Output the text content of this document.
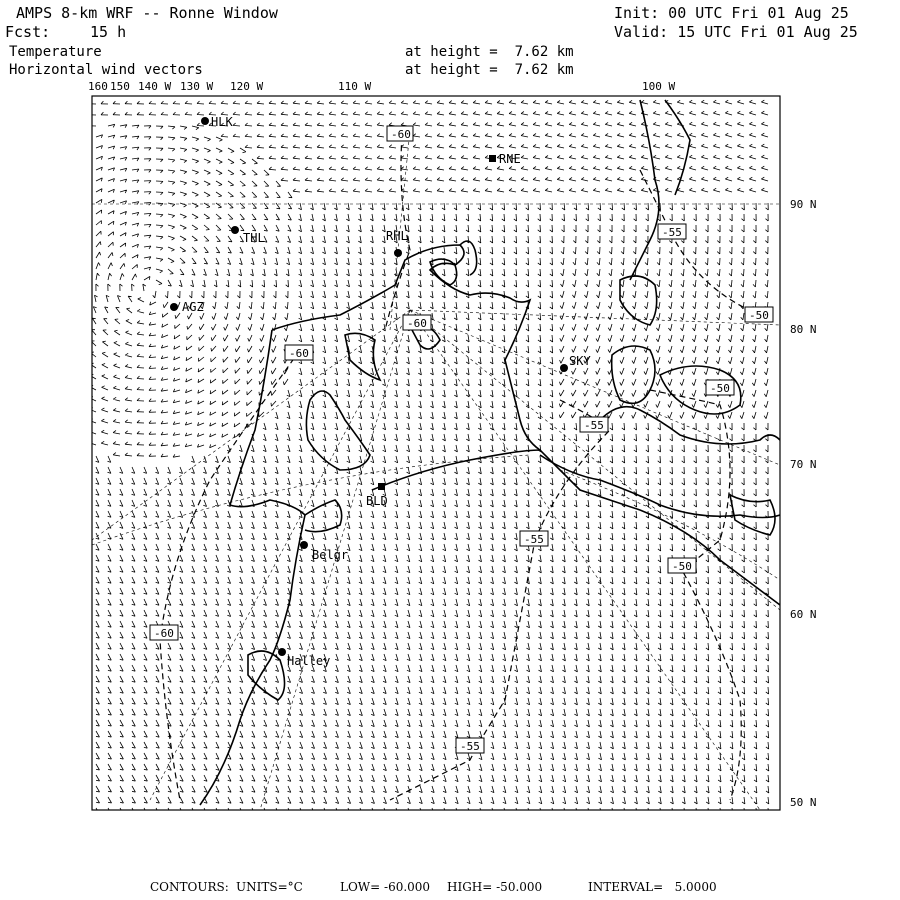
AMPS 8-km WRF -- Ronne Window	Init: 00 UTC Fri 01 Aug 25
Fcst:	15 h	Valid: 15 UTC Fri 01 Aug 25
Temperature
Horizontal wind vectors
at height =  7.62 km
at height =  7.62 km
HLK
RNE
THL	RHL
AGZ
SKY
BLD
Belgr
Halley
-60
-55
-50
-60
-60
-55
-50
-55
-50
-60
-55
160 150 140 W 130 W 120 W	110 W	100 W
90 N
80 N
70 N
60 N
50 N
CONTOURS: UNITS=°C	LOW= -60.000 HIGH= -50.000	INTERVAL=   5.0000
